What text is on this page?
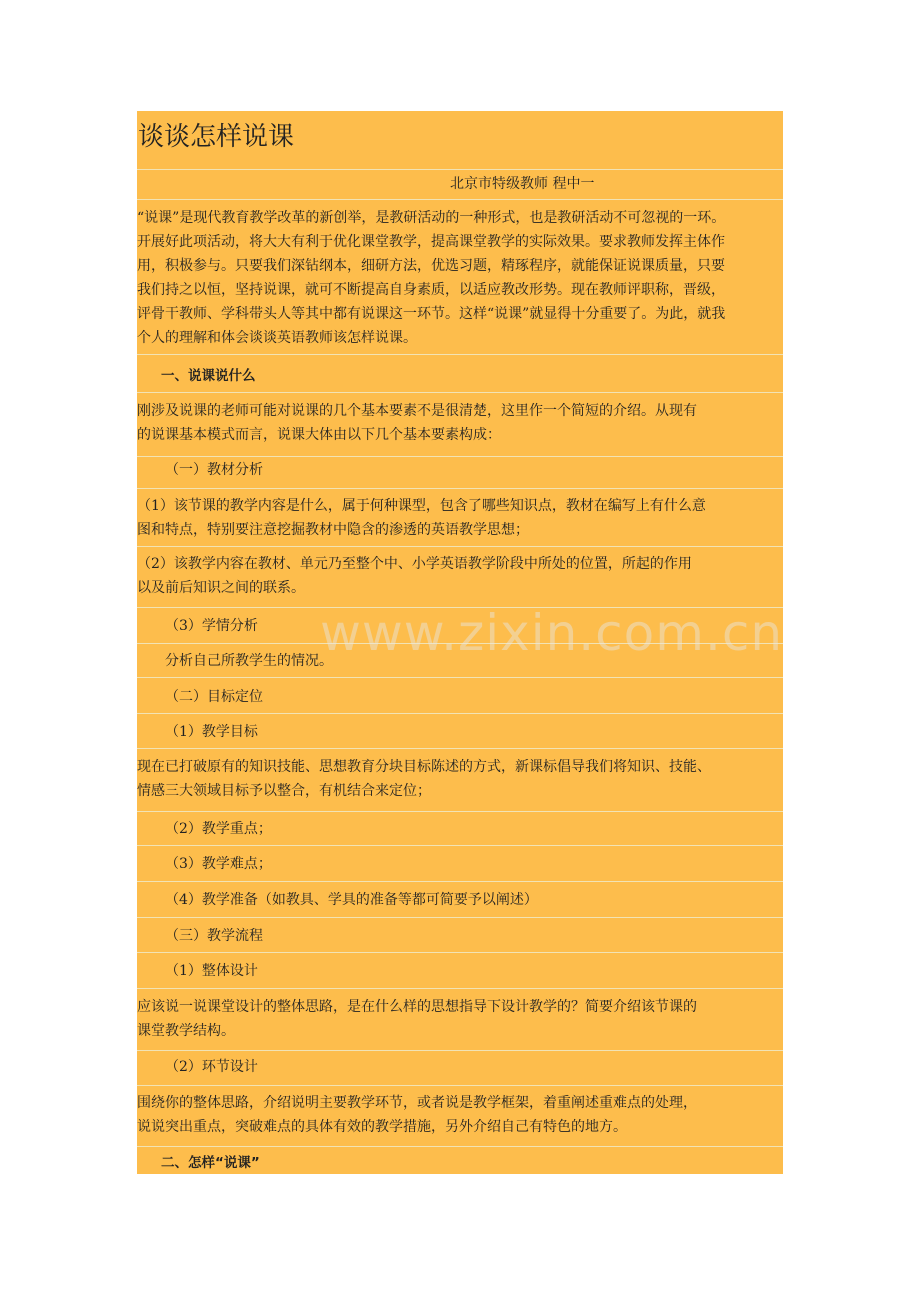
谈谈怎样说课
北京市特级教师 程中一
“说课”是现代教育教学改革的新创举，是教研活动的一种形式，也是教研活动不可忽视的一环。
开展好此项活动，将大大有利于优化课堂教学，提高课堂教学的实际效果。要求教师发挥主体作
用，积极参与。只要我们深钻纲本，细研方法，优选习题，精琢程序，就能保证说课质量，只要
我们持之以恒，坚持说课，就可不断提高自身素质，以适应教改形势。现在教师评职称，晋级，
评骨干教师、学科带头人等其中都有说课这一环节。这样“说课”就显得十分重要了。为此，就我
个人的理解和体会谈谈英语教师该怎样说课。
一、说课说什么
刚涉及说课的老师可能对说课的几个基本要素不是很清楚，这里作一个简短的介绍。从现有
的说课基本模式而言，说课大体由以下几个基本要素构成：
（一）教材分析
（1）该节课的教学内容是什么，属于何种课型，包含了哪些知识点，教材在编写上有什么意
图和特点，特别要注意挖掘教材中隐含的渗透的英语教学思想；
（2）该教学内容在教材、单元乃至整个中、小学英语教学阶段中所处的位置，所起的作用
以及前后知识之间的联系。
（3）学情分析
分析自己所教学生的情况。
（二）目标定位
（1）教学目标
现在已打破原有的知识技能、思想教育分块目标陈述的方式，新课标倡导我们将知识、技能、
情感三大领域目标予以整合，有机结合来定位；
（2）教学重点；
（3）教学难点；
（4）教学准备（如教具、学具的准备等都可简要予以阐述）
（三）教学流程
（1）整体设计
应该说一说课堂设计的整体思路，是在什么样的思想指导下设计教学的？简要介绍该节课的
课堂教学结构。
（2）环节设计
围绕你的整体思路，介绍说明主要教学环节，或者说是教学框架，着重阐述重难点的处理，
说说突出重点，突破难点的具体有效的教学措施，另外介绍自己有特色的地方。
二、怎样“说课”
www.zixin.com.cn
